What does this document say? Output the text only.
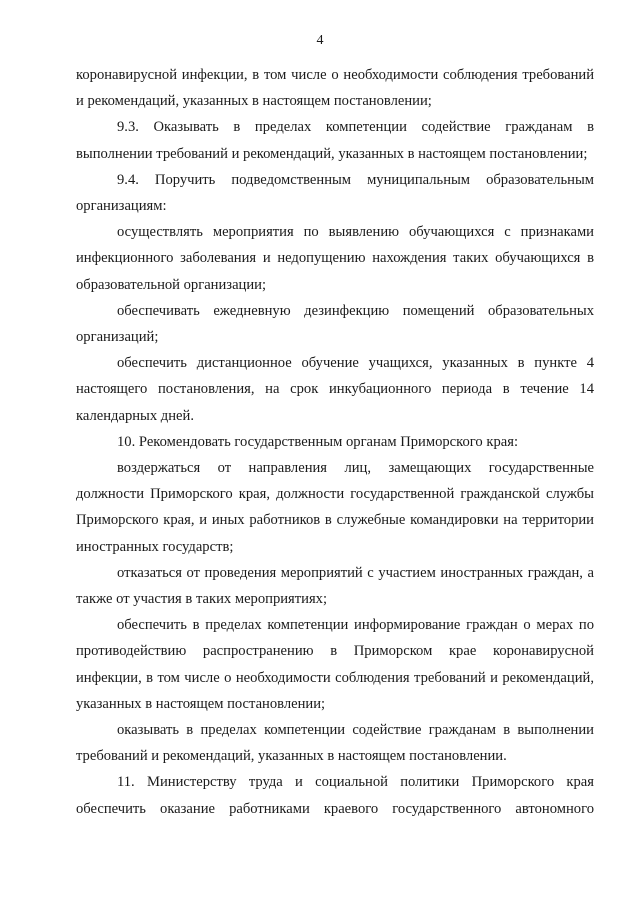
4

коронавирусной инфекции, в том числе о необходимости соблюдения требований и рекомендаций, указанных в настоящем постановлении;

9.3. Оказывать в пределах компетенции содействие гражданам в выполнении требований и рекомендаций, указанных в настоящем постановлении;

9.4. Поручить подведомственным муниципальным образовательным организациям:

осуществлять мероприятия по выявлению обучающихся с признаками инфекционного заболевания и недопущению нахождения таких обучающихся в образовательной организации;

обеспечивать ежедневную дезинфекцию помещений образовательных организаций;

обеспечить дистанционное обучение учащихся, указанных в пункте 4 настоящего постановления, на срок инкубационного периода в течение 14 календарных дней.

10. Рекомендовать государственным органам Приморского края:

воздержаться от направления лиц, замещающих государственные должности Приморского края, должности государственной гражданской службы Приморского края, и иных работников в служебные командировки на территории иностранных государств;

отказаться от проведения мероприятий с участием иностранных граждан, а также от участия в таких мероприятиях;

обеспечить в пределах компетенции информирование граждан о мерах по противодействию распространению в Приморском крае коронавирусной инфекции, в том числе о необходимости соблюдения требований и рекомендаций, указанных в настоящем постановлении;

оказывать в пределах компетенции содействие гражданам в выполнении требований и рекомендаций, указанных в настоящем постановлении.

11. Министерству труда и социальной политики Приморского края обеспечить оказание работниками краевого государственного автономного
